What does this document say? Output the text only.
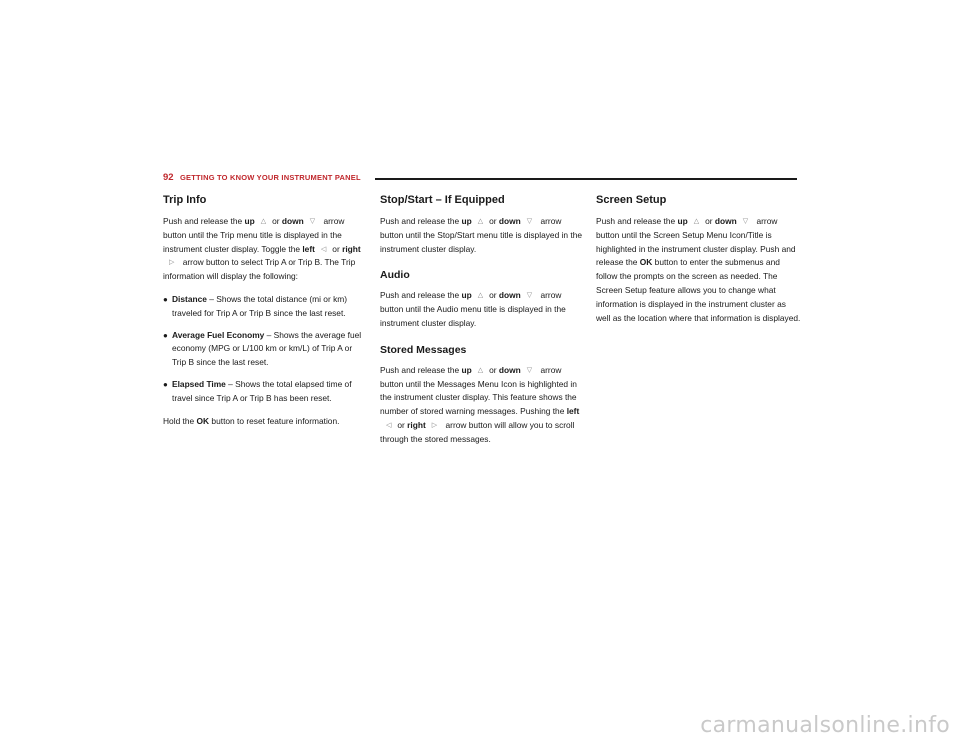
92 GETTING TO KNOW YOUR INSTRUMENT PANEL
Trip Info

Push and release the up △ or down ▽ arrow button until the Trip menu title is displayed in the instrument cluster display. Toggle the left ◁ or right▷ arrow button to select Trip A or Trip B. The Trip information will display the following:

● Distance – Shows the total distance (mi or km) traveled for Trip A or Trip B since the last reset.
● Average Fuel Economy – Shows the average fuel economy (MPG or L/100 km or km/L) of Trip A or Trip B since the last reset.
● Elapsed Time – Shows the total elapsed time of travel since Trip A or Trip B has been reset.

Hold the OK button to reset feature information.

Stop/Start – If Equipped

Push and release the up △ or down ▽ arrow button until the Stop/Start menu title is displayed in the instrument cluster display.

Audio

Push and release the up △ or down ▽ arrow button until the Audio menu title is displayed in the instrument cluster display.

Stored Messages

Push and release the up △ or down ▽ arrow button until the Messages Menu Icon is highlighted in the instrument cluster display. This feature shows the number of stored warning messages. Pushing the left◁ or right ▷ arrow button will allow you to scroll through the stored messages.

Screen Setup

Push and release the up △ or down ▽ arrow button until the Screen Setup Menu Icon/Title is highlighted in the instrument cluster display. Push and release the OK button to enter the submenus and follow the prompts on the screen as needed. The Screen Setup feature allows you to change what information is displayed in the instrument cluster as well as the location where that information is displayed.

carmanualsonline.info
